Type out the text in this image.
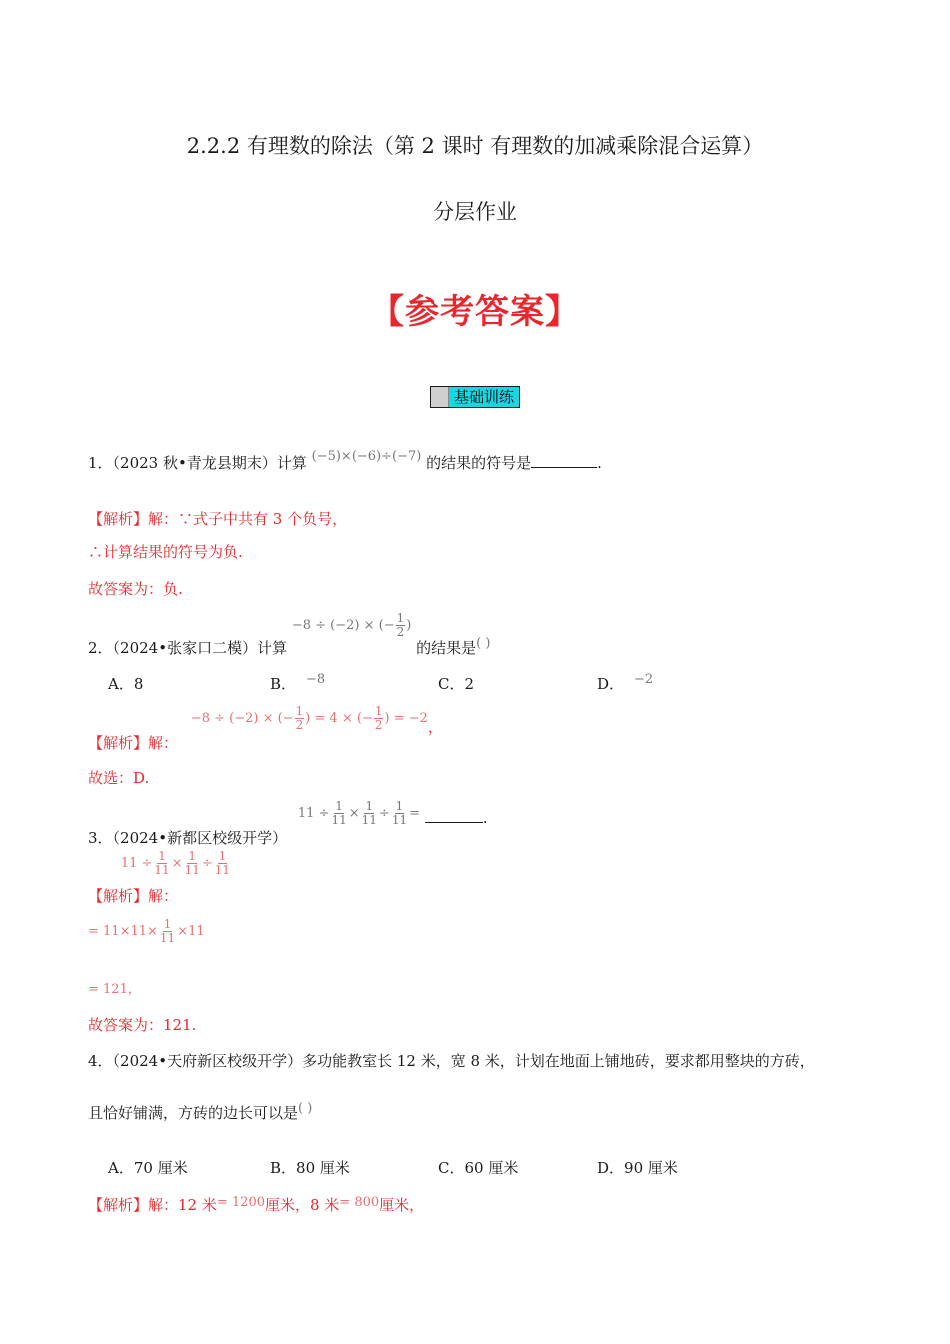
2.2.2 有理数的除法（第 2 课时 有理数的加减乘除混合运算）
分层作业
【参考答案】
基础训练
1．（2023 秋•青龙县期末）计算 (−5)×(−6)÷(−7) 的结果的符号是	.
【解析】解：∵式子中共有 3 个负号，
∴计算结果的符号为负.
故答案为：负.
2．（2024•张家口二模）计算
−8 ÷ (−2) × (− $\frac{1}{2}$ )
的结果是( )
A．8	B． −8	C．2	D． −2
【解析】解：
−8 ÷ (−2) × (− $\frac{1}{2}$ ) = 4 × (− $\frac{1}{2}$ ) = −2 ，
故选：D.
3．（2024•新都区校级开学）
$11 \div \frac{1}{11} \times \frac{1}{11} \div \frac{1}{11}$ =	.
【解析】解：
$11 \div \frac{1}{11} \times \frac{1}{11} \div \frac{1}{11}$
= $11\times 11\times \frac{1}{11} \times 11$
= 121，
故答案为：121.
4．（2024•天府新区校级开学）多功能教室长 12 米，宽 8 米，计划在地面上铺地砖，要求都用整块的方砖，
且恰好铺满，方砖的边长可以是( )
A．70 厘米	B．80 厘米	C．60 厘米	D．90 厘米
【解析】解：12 米= 1200厘米，8 米= 800厘米，
